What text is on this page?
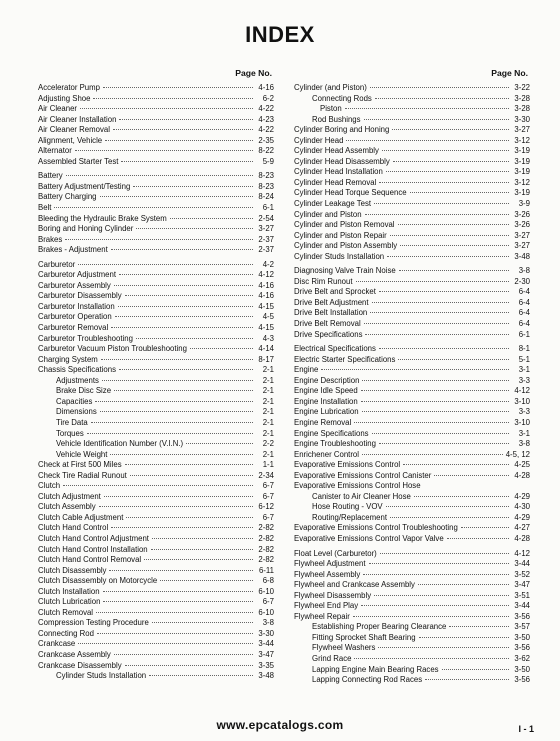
INDEX
Page No.
Accelerator Pump	4-16
Adjusting Shoe	6-2
Air Cleaner	4-22
Air Cleaner Installation	4-23
Air Cleaner Removal	4-22
Alignment, Vehicle	2-35
Alternator	8-22
Assembled Starter Test	5-9
Battery	8-23
Battery Adjustment/Testing	8-23
Battery Charging	8-24
Belt	6-1
Bleeding the Hydraulic Brake System	2-54
Boring and Honing Cylinder	3-27
Brakes	2-37
Brakes - Adjustment	2-37
Carburetor	4-2
Carburetor Adjustment	4-12
Carburetor Assembly	4-16
Carburetor Disassembly	4-16
Carburetor Installation	4-15
Carburetor Operation	4-5
Carburetor Removal	4-15
Carburetor Troubleshooting	4-3
Carburetor Vacuum Piston Troubleshooting	4-14
Charging System	8-17
Chassis Specifications	2-1
Adjustments	2-1
Brake Disc Size	2-1
Capacities	2-1
Dimensions	2-1
Tire Data	2-1
Torques	2-1
Vehicle Identification Number (V.I.N.)	2-2
Vehicle Weight	2-1
Check at First 500 Miles	1-1
Check Tire Radial Runout	2-34
Clutch	6-7
Clutch Adjustment	6-7
Clutch Assembly	6-12
Clutch Cable Adjustment	6-7
Clutch Hand Control	2-82
Clutch Hand Control Adjustment	2-82
Clutch Hand Control Installation	2-82
Clutch Hand Control Removal	2-82
Clutch Disassembly	6-11
Clutch Disassembly on Motorcycle	6-8
Clutch Installation	6-10
Clutch Lubrication	6-7
Clutch Removal	6-10
Compression Testing Procedure	3-8
Connecting Rod	3-30
Crankcase	3-44
Crankcase Assembly	3-47
Crankcase Disassembly	3-35
Cylinder Studs Installation	3-48
Page No.
Cylinder (and Piston)	3-22
Connecting Rods	3-28
Piston	3-28
Rod Bushings	3-30
Cylinder Boring and Honing	3-27
Cylinder Head	3-12
Cylinder Head Assembly	3-19
Cylinder Head Disassembly	3-19
Cylinder Head Installation	3-19
Cylinder Head Removal	3-12
Cylinder Head Torque Sequence	3-19
Cylinder Leakage Test	3-9
Cylinder and Piston	3-26
Cylinder and Piston Removal	3-26
Cylinder and Piston Repair	3-27
Cylinder and Piston Assembly	3-27
Cylinder Studs Installation	3-48
Diagnosing Valve Train Noise	3-8
Disc Rim Runout	2-30
Drive Belt and Sprocket	6-4
Drive Belt Adjustment	6-4
Drive Belt Installation	6-4
Drive Belt Removal	6-4
Drive Specifications	6-1
Electrical Specifications	8-1
Electric Starter Specifications	5-1
Engine	3-1
Engine Description	3-3
Engine Idle Speed	4-12
Engine Installation	3-10
Engine Lubrication	3-3
Engine Removal	3-10
Engine Specifications	3-1
Engine Troubleshooting	3-8
Enrichener Control	4-5, 12
Evaporative Emissions Control	4-25
Evaporative Emissions Control Canister	4-28
Evaporative Emissions Control Hose
Canister to Air Cleaner Hose	4-29
Hose Routing - VOV	4-30
Routing/Replacement	4-29
Evaporative Emissions Control Troubleshooting	4-27
Evaporative Emissions Control Vapor Valve	4-28
Float Level (Carburetor)	4-12
Flywheel Adjustment	3-44
Flywheel Assembly	3-52
Flywheel and Crankcase Assembly	3-47
Flywheel Disassembly	3-51
Flywheel End Play	3-44
Flywheel Repair	3-56
Establishing Proper Bearing Clearance	3-57
Fitting Sprocket Shaft Bearing	3-50
Flywheel Washers	3-56
Grind Race	3-62
Lapping Engine Main Bearing Races	3-50
Lapping Connecting Rod Races	3-56
www.epcatalogs.com	I - 1
